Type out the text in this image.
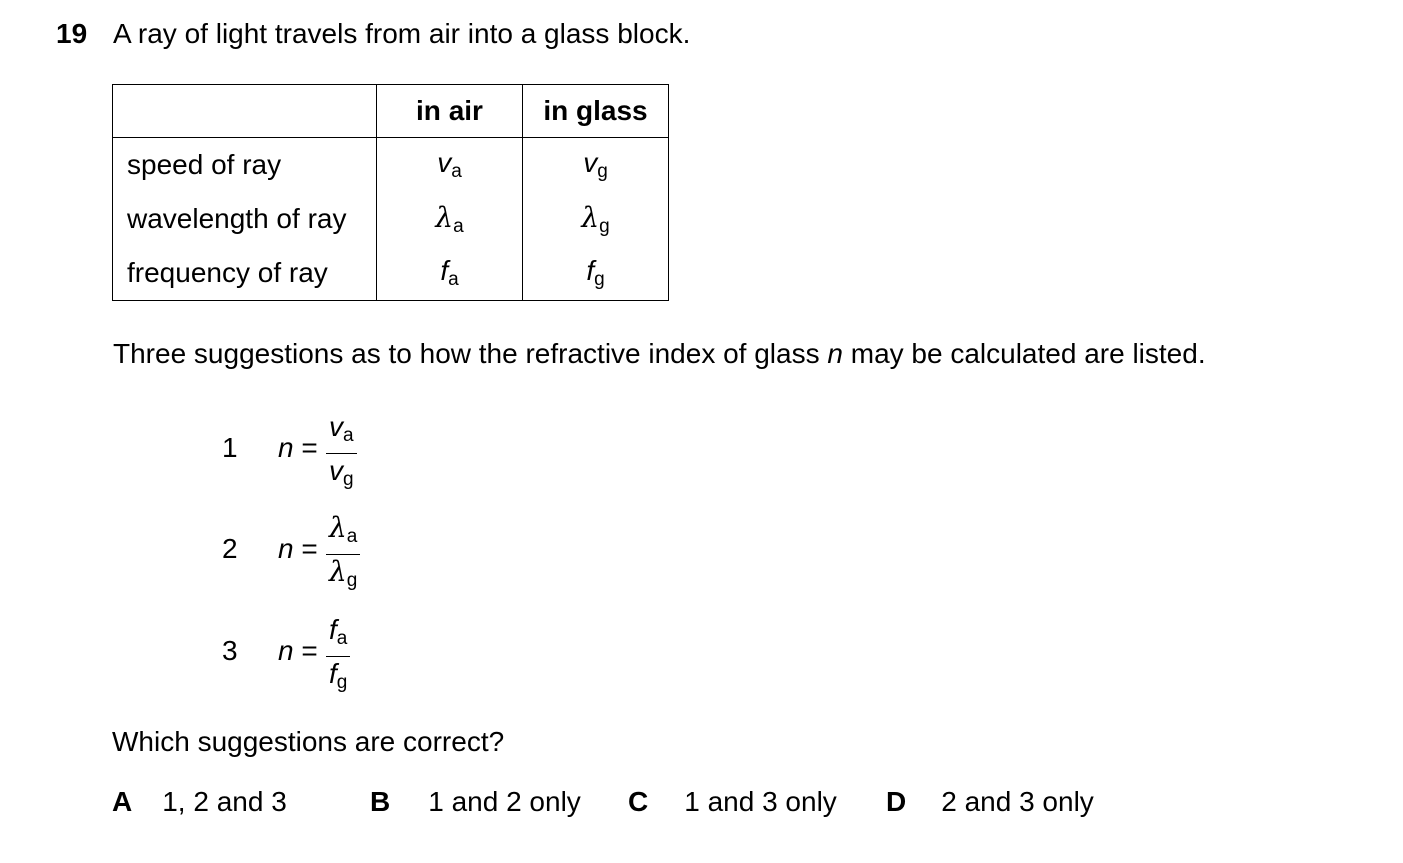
19 A ray of light travels from air into a glass block.
	in air	in glass
speed of ray	$v_a$	$v_g$
wavelength of ray	$\lambda_a$	$\lambda_g$
frequency of ray	$f_a$	$f_g$
Three suggestions as to how the refractive index of glass n may be calculated are listed.
1 n =
$v_a$
$v_g$
2 n =
$\lambda_a$
$\lambda_g$
3 n =
$f_a$
$f_g$
Which suggestions are correct?
A 1, 2 and 3	B 1 and 2 only C 1 and 3 only D 2 and 3 only
